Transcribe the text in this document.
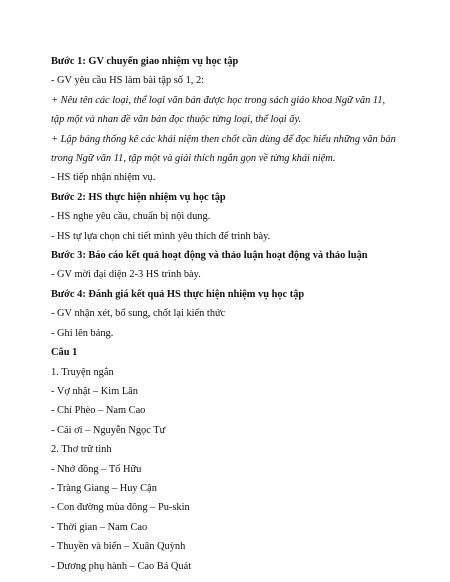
Bước 1: GV chuyển giao nhiệm vụ học tập
- GV yêu cầu HS làm bài tập số 1, 2:
+ Nêu tên các loại, thể loại văn bản được học trong sách giáo khoa Ngữ văn 11,
tập một và nhan đề văn bản đọc thuộc từng loại, thể loại ấy.
+ Lập bảng thống kê các khái niệm then chốt cần dùng để đọc hiểu những văn bản
trong Ngữ văn 11, tập một và giải thích ngắn gọn về từng khái niệm.
- HS tiếp nhận nhiệm vụ.
Bước 2: HS thực hiện nhiệm vụ học tập
- HS nghe yêu cầu, chuẩn bị nội dung.
- HS tự lựa chọn chi tiết mình yêu thích để trình bày.
Bước 3: Báo cáo kết quả hoạt động và thảo luận hoạt động và thảo luận
- GV mời đại diện 2-3 HS trình bày.
Bước 4: Đánh giá kết quả HS thực hiện nhiệm vụ học tập
- GV nhận xét, bổ sung, chốt lại kiến thức
- Ghi lên bảng.
Câu 1
1. Truyện ngắn
- Vợ nhặt – Kim Lân
- Chí Phèo – Nam Cao
- Cái ơi – Nguyễn Ngọc Tư
2. Thơ trữ tình
- Nhớ đồng – Tố Hữu
- Tràng Giang – Huy Cận
- Con đường mùa đông – Pu-skin
- Thời gian – Nam Cao
- Thuyền và biển – Xuân Quỳnh
- Dương phụ hành – Cao Bá Quát
